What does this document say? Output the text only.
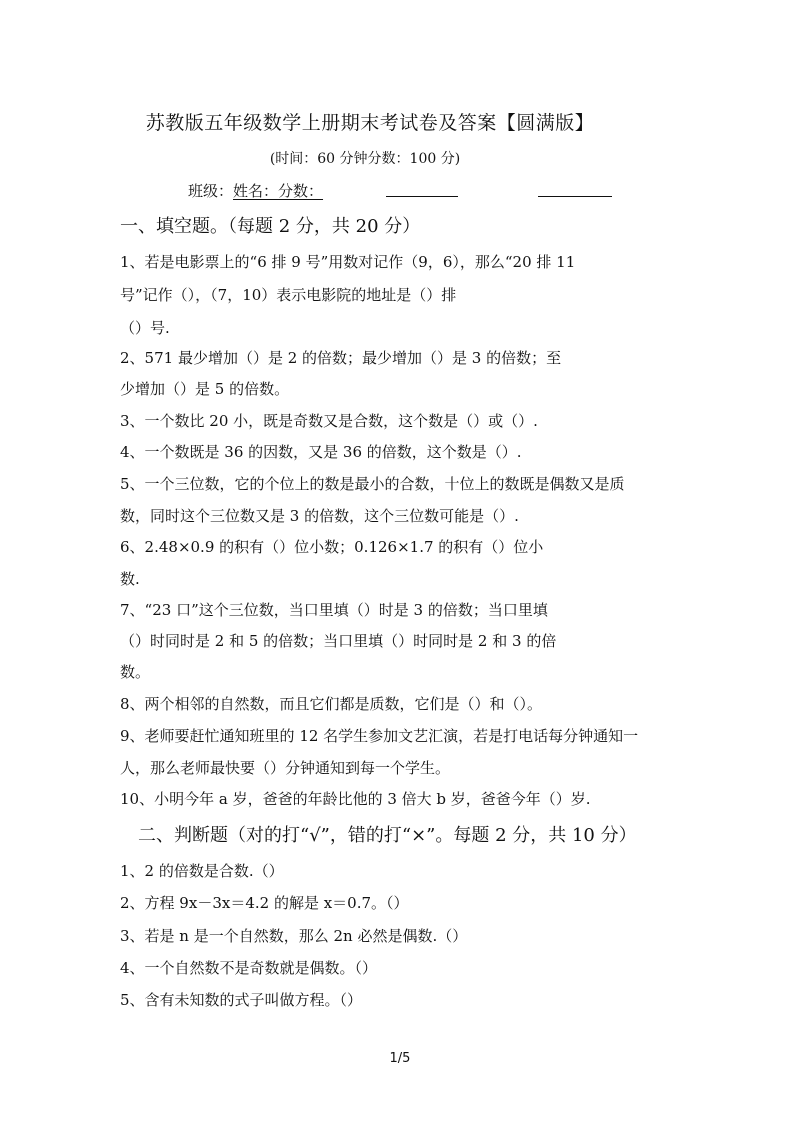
苏教版五年级数学上册期末考试卷及答案【圆满版】
(时间：60 分钟分数：100 分)
班级：姓名：分数：
一、填空题。（每题 2 分，共 20 分）
1、若是电影票上的“6 排 9 号”用数对记作（9，6），那么“20 排 11
号”记作（），（7，10）表示电影院的地址是（）排
（）号.
2、571 最少增加（）是 2 的倍数；最少增加（）是 3 的倍数；至
少增加（）是 5 的倍数。
3、一个数比 20 小，既是奇数又是合数，这个数是（）或（）.
4、一个数既是 36 的因数，又是 36 的倍数，这个数是（）.
5、一个三位数，它的个位上的数是最小的合数，十位上的数既是偶数又是质
数，同时这个三位数又是 3 的倍数，这个三位数可能是（）.
6、2.48×0.9 的积有（）位小数；0.126×1.7 的积有（）位小
数.
7、“23 口”这个三位数，当口里填（）时是 3 的倍数；当口里填
（）时同时是 2 和 5 的倍数；当口里填（）时同时是 2 和 3 的倍
数。
8、两个相邻的自然数，而且它们都是质数，它们是（）和（）。
9、老师要赶忙通知班里的 12 名学生参加文艺汇演，若是打电话每分钟通知一
人，那么老师最快要（）分钟通知到每一个学生。
10、小明今年 a 岁，爸爸的年龄比他的 3 倍大 b 岁，爸爸今年（）岁.
二、判断题（对的打“√”，错的打“×”。每题 2 分，共 10 分）
1、2 的倍数是合数.（）
2、方程 9x－3x＝4.2 的解是 x＝0.7。（）
3、若是 n 是一个自然数，那么 2n 必然是偶数.（）
4、一个自然数不是奇数就是偶数。（）
5、含有未知数的式子叫做方程。（）
1/5
